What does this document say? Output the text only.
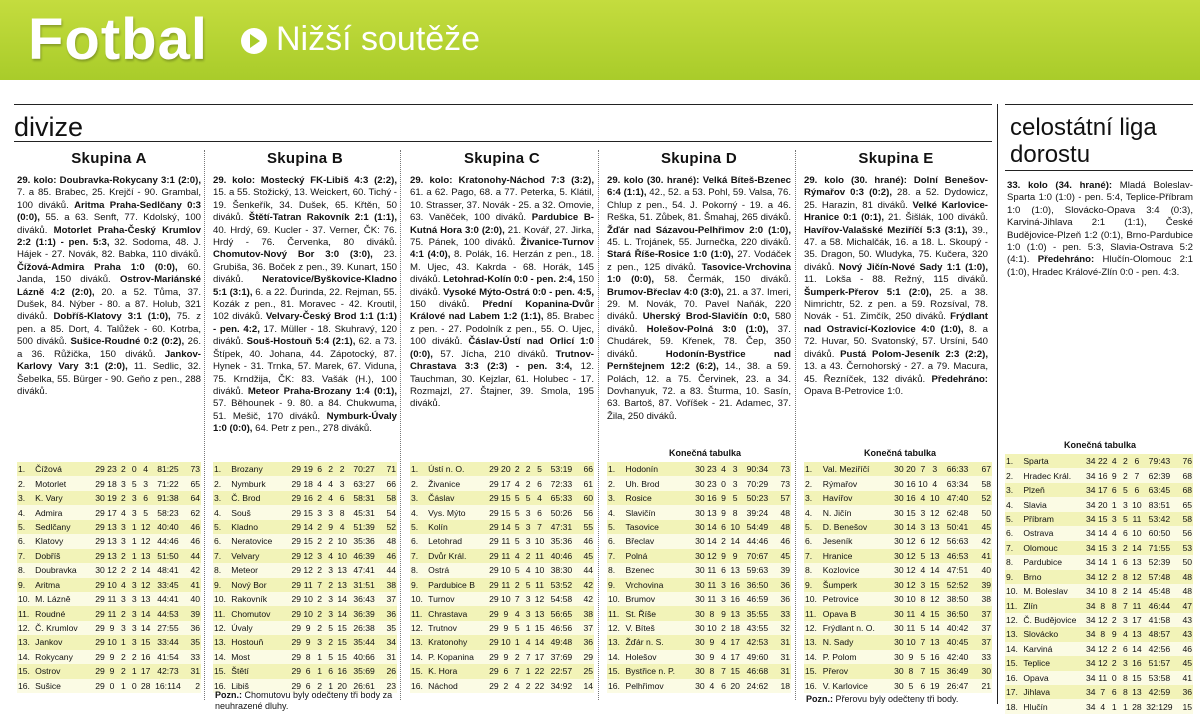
Fotbal Nižší soutěže
divize	celostátní liga dorostu
Skupina A

29. kolo: Doubravka-Rokycany 3:1 (2:0), 7. a 85. Brabec, 25. Krejčí - 90. Grambal, 100 diváků. Aritma Praha-Sedlčany 0:3 (0:0), 55. a 63. Senft, 77. Kdolský, 100 diváků. Motorlet Praha-Český Krumlov 2:2 (1:1) - pen. 5:3, 32. Sodoma, 48. J. Hájek - 27. Novák, 82. Babka, 110 diváků. Čížová-Admira Praha 1:0 (0:0), 60. Janda, 150 diváků. Ostrov-Mariánské Lázně 4:2 (2:0), 20. a 52. Tůma, 37. Dušek, 84. Nýber - 80. a 87. Holub, 321 diváků. Dobříš-Klatovy 3:1 (1:0), 75. z pen. a 85. Dort, 4. Talůžek - 60. Kotrba, 500 diváků. Sušice-Roudné 0:2 (0:2), 26. a 36. Růžička, 150 diváků. Jankov-Karlovy Vary 3:1 (2:0), 11. Sedlic, 32. Šebelka, 55. Bürger - 90. Geňo z pen., 288 diváků.

Skupina B

29. kolo: Mostecký FK-Libiš 4:3 (2:2), 15. a 55. Stožický, 13. Weickert, 60. Tichý - 19. Šenkeřík, 34. Dušek, 65. Křtěn, 50 diváků. Štětí-Tatran Rakovník 2:1 (1:1), 40. Hrdý, 69. Kucler - 37. Verner, ČK: 76. Hrdý - 76. Červenka, 80 diváků. Chomutov-Nový Bor 3:0 (3:0), 23. Grubiša, 36. Boček z pen., 39. Kunart, 150 diváků. Neratovice/Byškovice-Kladno 5:1 (3:1), 6. a 22. Ďurinda, 22. Rejman, 55. Kozák z pen., 81. Moravec - 42. Kroutil, 102 diváků. Velvary-Český Brod 1:1 (1:1) - pen. 4:2, 17. Müller - 18. Skuhravý, 120 diváků. Souš-Hostouň 5:4 (2:1), 62. a 73. Štípek, 40. Johana, 44. Zápotocký, 87. Hynek - 31. Trnka, 57. Marek, 67. Viduna, 75. Krndžija, ČK: 83. Vašák (H.), 100 diváků. Meteor Praha-Brozany 1:4 (0:1), 57. Běhounek - 9. 80. a 84. Chukwuma, 51. Mešič, 170 diváků. Nymburk-Úvaly 1:0 (0:0), 64. Petr z pen., 278 diváků.

Skupina C

29. kolo: Kratonohy-Náchod 7:3 (3:2), 61. a 62. Pago, 68. a 77. Peterka, 5. Klátil, 10. Strasser, 37. Novák - 25. a 32. Omovie, 63. Vaněček, 100 diváků. Pardubice B-Kutná Hora 3:0 (2:0), 21. Kovář, 27. Jirka, 75. Pánek, 100 diváků. Živanice-Turnov 4:1 (4:0), 8. Polák, 16. Herzán z pen., 18. M. Ujec, 43. Kakrda - 68. Horák, 145 diváků. Letohrad-Kolín 0:0 - pen. 2:4, 150 diváků. Vysoké Mýto-Ostrá 0:0 - pen. 4:5, 150 diváků. Přední Kopanina-Dvůr Králové nad Labem 1:2 (1:1), 85. Brabec z pen. - 27. Podolník z pen., 55. O. Ujec, 100 diváků. Čáslav-Ústí nad Orlicí 1:0 (0:0), 57. Jícha, 210 diváků. Trutnov-Chrastava 3:3 (2:3) - pen. 3:4, 12. Tauchman, 30. Kejzlar, 61. Holubec - 17. Rozmajzl, 27. Štajner, 39. Smola, 195 diváků.

Skupina D

29. kolo (30. hrané): Velká Bíteš-Bzenec 6:4 (1:1), 42., 52. a 53. Pohl, 59. Valsa, 76. Chlup z pen., 54. J. Pokorný - 19. a 46. Reška, 51. Zůbek, 81. Šmahaj, 265 diváků. Žďár nad Sázavou-Pelhřimov 2:0 (1:0), 45. L. Trojánek, 55. Jurnečka, 220 diváků. Stará Říše-Rosice 1:0 (1:0), 27. Vodáček z pen., 125 diváků. Tasovice-Vrchovina 1:0 (0:0), 58. Čermák, 150 diváků. Brumov-Břeclav 4:0 (3:0), 21. a 37. Imeri, 29. M. Novák, 70. Pavel Naňák, 220 diváků. Uherský Brod-Slavičín 0:0, 580 diváků. Holešov-Polná 3:0 (1:0), 37. Chudárek, 59. Křenek, 78. Čep, 350 diváků. Hodonín-Bystřice nad Pernštejnem 12:2 (6:2), 14., 38. a 59. Polách, 12. a 75. Červinek, 23. a 34. Dovhanyuk, 72. a 83. Šturma, 10. Sasín, 63. Bartoš, 87. Voříšek - 21. Adamec, 37. Žila, 250 diváků.

Skupina E

29. kolo (30. hrané): Dolní Benešov-Rýmařov 0:3 (0:2), 28. a 52. Dydowicz, 25. Harazin, 81 diváků. Velké Karlovice-Hranice 0:1 (0:1), 21. Šišlák, 100 diváků. Havířov-Valašské Meziříčí 5:3 (3:1), 39., 47. a 58. Michalčák, 16. a 18. L. Skoupý - 35. Dragon, 50. Wludyka, 75. Kučera, 320 diváků. Nový Jičín-Nové Sady 1:1 (1:0), 11. Lokša - 88. Režný, 115 diváků. Šumperk-Přerov 5:1 (2:0), 25. a 38. Nimrichtr, 52. z pen. a 59. Rozsíval, 78. Novák - 51. Zimčík, 250 diváků. Frýdlant nad Ostravicí-Kozlovice 4:0 (1:0), 8. a 72. Huvar, 50. Svatonský, 57. Ursíni, 540 diváků. Pustá Polom-Jeseník 2:3 (2:2), 13. a 43. Černohorský - 27. a 79. Macura, 45. Řezníček, 132 diváků. Předehráno: Opava B-Petrovice 1:0.

33. kolo (34. hrané): Mladá Boleslav-Sparta 1:0 (1:0) - pen. 5:4, Teplice-Příbram 1:0 (1:0), Slovácko-Opava 3:4 (0:3), Karviná-Jihlava 2:1 (1:1), České Budějovice-Plzeň 1:2 (0:1), Brno-Pardubice 1:0 (1:0) - pen. 5:3, Slavia-Ostrava 5:2 (4:1). Předehráno: Hlučín-Olomouc 2:1 (1:0), Hradec Králové-Zlín 0:0 - pen. 4:3.
Konečná tabulka	Konečná tabulka
Konečná tabulka
1.	Čížová	29	23	2	0	4	81:25	73
2.	Motorlet	29	18	3	5	3	71:22	65
3.	K. Vary	30	19	2	3	6	91:38	64
4.	Admira	29	17	4	3	5	58:23	62
5.	Sedlčany	29	13	3	1	12	40:40	46
6.	Klatovy	29	13	3	1	12	44:46	46
7.	Dobříš	29	13	2	1	13	51:50	44
8.	Doubravka	30	12	2	2	14	48:41	42
9.	Aritma	29	10	4	3	12	33:45	41
10.	M. Lázně	29	11	3	3	13	44:41	40
11.	Roudné	29	11	2	3	14	44:53	39
12.	Č. Krumlov	29	9	3	3	14	27:55	36
13.	Jankov	29	10	1	3	15	33:44	35
14.	Rokycany	29	9	2	2	16	41:54	33
15.	Ostrov	29	9	2	1	17	42:73	31
16.	Sušice	29	0	1	0	28	16:114	2
1.	Brozany	29	19	6	2	2	70:27	71
2.	Nymburk	29	18	4	4	3	63:27	66
3.	Č. Brod	29	16	2	4	6	58:31	58
4.	Souš	29	15	3	3	8	45:31	54
5.	Kladno	29	14	2	9	4	51:39	52
6.	Neratovice	29	15	2	2	10	35:36	48
7.	Velvary	29	12	3	4	10	46:39	46
8.	Meteor	29	12	2	3	13	47:41	44
9.	Nový Bor	29	11	7	2	13	31:51	38
10.	Rakovník	29	10	2	3	14	36:43	37
11.	Chomutov	29	10	2	3	14	36:39	36
12.	Úvaly	29	9	2	5	15	26:38	35
13.	Hostouň	29	9	3	2	15	35:44	34
14.	Most	29	8	1	5	15	40:66	31
15.	Štětí	29	6	1	6	16	35:69	26
16.	Libiš	29	6	2	1	20	26:61	23
1.	Ústí n. O.	29	20	2	2	5	53:19	66
2.	Živanice	29	17	4	2	6	72:33	61
3.	Čáslav	29	15	5	5	4	65:33	60
4.	Vys. Mýto	29	15	5	3	6	50:26	56
5.	Kolín	29	14	5	3	7	47:31	55
6.	Letohrad	29	11	5	3	10	35:36	46
7.	Dvůr Král.	29	11	4	2	11	40:46	45
8.	Ostrá	29	10	5	4	10	38:30	44
9.	Pardubice B	29	11	2	5	11	53:52	42
10.	Turnov	29	10	7	3	12	54:58	42
11.	Chrastava	29	9	4	3	13	56:65	38
12.	Trutnov	29	9	5	1	15	46:56	37
13.	Kratonohy	29	10	1	4	14	49:48	36
14.	P. Kopanina	29	9	2	7	17	37:69	29
15.	K. Hora	29	6	7	1	22	22:57	25
16.	Náchod	29	2	4	2	22	34:92	14
1.	Hodonín	30	23	4	3	90:34	73
2.	Uh. Brod	30	23	0	3	70:29	73
3.	Rosice	30	16	9	5	50:23	57
4.	Slavičín	30	13	9	8	39:24	48
5.	Tasovice	30	14	6	10	54:49	48
6.	Břeclav	30	14	2	14	44:46	46
7.	Polná	30	12	9	9	70:67	45
8.	Bzenec	30	11	6	13	59:63	39
9.	Vrchovina	30	11	3	16	36:50	36
10.	Brumov	30	11	3	16	46:59	36
11.	St. Říše	30	8	9	13	35:55	33
12.	V. Bíteš	30	10	2	18	43:55	32
13.	Žďár n. S.	30	9	4	17	42:53	31
14.	Holešov	30	9	4	17	49:60	31
15.	Bystřice n. P.	30	8	7	15	46:68	31
16.	Pelhřimov	30	4	6	20	24:62	18
1.	Val. Meziříčí	30	20	7	3	66:33	67
2.	Rýmařov	30	16	10	4	63:34	58
3.	Havířov	30	16	4	10	47:40	52
4.	N. Jičín	30	15	3	12	62:48	50
5.	D. Benešov	30	14	3	13	50:41	45
6.	Jeseník	30	12	6	12	56:63	42
7.	Hranice	30	12	5	13	46:53	41
8.	Kozlovice	30	12	4	14	47:51	40
9.	Šumperk	30	12	3	15	52:52	39
10.	Petrovice	30	10	8	12	38:50	38
11.	Opava B	30	11	4	15	36:50	37
12.	Frýdlant n. O.	30	11	5	14	40:42	37
13.	N. Sady	30	10	7	13	40:45	37
14.	P. Polom	30	9	5	16	42:40	33
15.	Přerov	30	8	7	15	36:49	30
16.	V. Karlovice	30	5	6	19	26:47	21
1.	Sparta	34	22	4	2	6	79:43	76
2.	Hradec Král.	34	16	9	2	7	62:39	68
3.	Plzeň	34	17	6	5	6	63:45	68
4.	Slavia	34	20	1	3	10	83:51	65
5.	Příbram	34	15	3	5	11	53:42	58
6.	Ostrava	34	14	4	6	10	60:50	56
7.	Olomouc	34	15	3	2	14	71:55	53
8.	Pardubice	34	14	1	6	13	52:39	50
9.	Brno	34	12	2	8	12	57:48	48
10.	M. Boleslav	34	10	8	2	14	45:48	48
11.	Zlín	34	8	8	7	11	46:44	47
12.	Č. Budějovice	34	12	2	3	17	41:58	43
13.	Slovácko	34	8	9	4	13	48:57	43
14.	Karviná	34	12	2	6	14	42:56	46
15.	Teplice	34	12	2	3	16	51:57	45
16.	Opava	34	11	0	8	15	53:58	41
17.	Jihlava	34	7	6	8	13	42:59	36
18.	Hlučín	34	4	1	1	28	32:129	15
Pozn.: Chomutovu byly odečteny tři body za neuhrazené dluhy.
Pozn.: Přerovu byly odečteny tři body.
